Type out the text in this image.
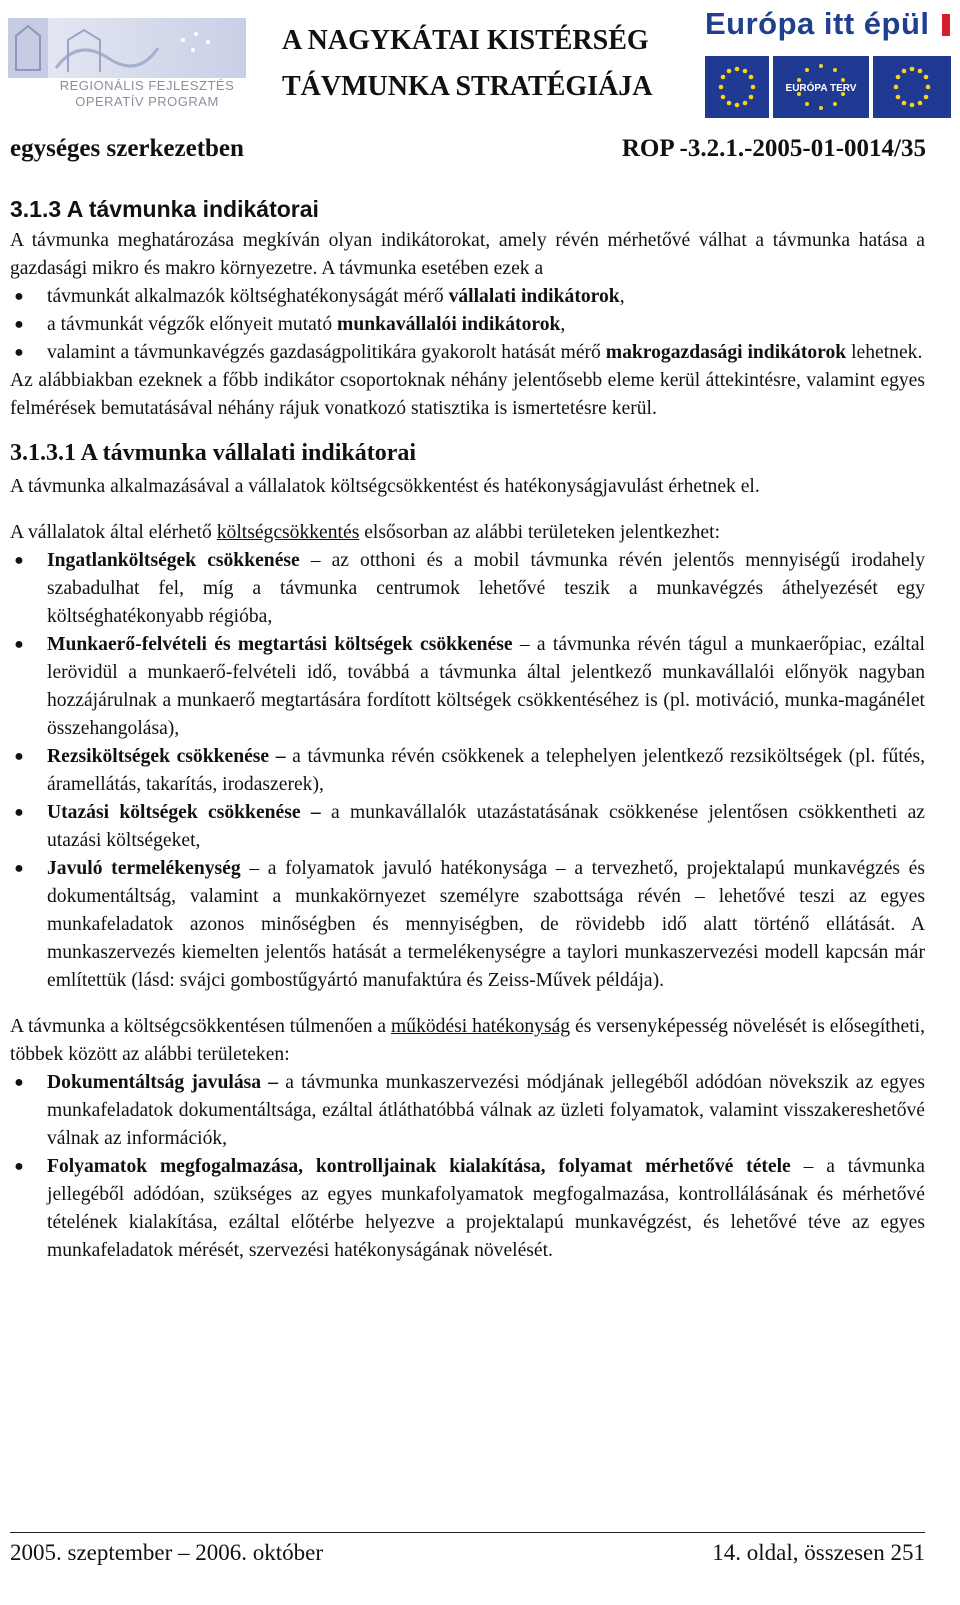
REGIONÁLIS FEJLESZTÉS
OPERATÍV PROGRAM
A NAGYKÁTAI KISTÉRSÉG
TÁVMUNKA STRATÉGIÁJA
Európa itt épül
EURÓPA TERV
egységes szerkezetben	ROP -3.2.1.-2005-01-0014/35
3.1.3 A távmunka indikátorai

A távmunka meghatározása megkíván olyan indikátorokat, amely révén mérhetővé válhat a távmunka hatása a gazdasági mikro és makro környezetre. A távmunka esetében ezek a

● távmunkát alkalmazók költséghatékonyságát mérő vállalati indikátorok,
● a távmunkát végzők előnyeit mutató munkavállalói indikátorok,
● valamint a távmunkavégzés gazdaságpolitikára gyakorolt hatását mérő makrogazdasági indikátorok lehetnek.

Az alábbiakban ezeknek a főbb indikátor csoportoknak néhány jelentősebb eleme kerül áttekintésre, valamint egyes felmérések bemutatásával néhány rájuk vonatkozó statisztika is ismertetésre kerül.

3.1.3.1 A távmunka vállalati indikátorai

A távmunka alkalmazásával a vállalatok költségcsökkentést és hatékonyságjavulást érhetnek el.

A vállalatok által elérhető költségcsökkentés elsősorban az alábbi területeken jelentkezhet:

● Ingatlanköltségek csökkenése – az otthoni és a mobil távmunka révén jelentős mennyiségű irodahely szabadulhat fel, míg a távmunka centrumok lehetővé teszik a munkavégzés áthelyezését egy költséghatékonyabb régióba,
● Munkaerő-felvételi és megtartási költségek csökkenése – a távmunka révén tágul a munkaerőpiac, ezáltal lerövidül a munkaerő-felvételi idő, továbbá a távmunka által jelentkező munkavállalói előnyök nagyban hozzájárulnak a munkaerő megtartására fordított költségek csökkentéséhez is (pl. motiváció, munka-magánélet összehangolása),
● Rezsiköltségek csökkenése – a távmunka révén csökkenek a telephelyen jelentkező rezsiköltségek (pl. fűtés, áramellátás, takarítás, irodaszerek),
● Utazási költségek csökkenése – a munkavállalók utazástatásának csökkenése jelentősen csökkentheti az utazási költségeket,
● Javuló termelékenység – a folyamatok javuló hatékonysága – a tervezhető, projektalapú munkavégzés és dokumentáltság, valamint a munkakörnyezet személyre szabottsága révén – lehetővé teszi az egyes munkafeladatok azonos minőségben és mennyiségben, de rövidebb idő alatt történő ellátását. A munkaszervezés kiemelten jelentős hatását a termelékenységre a taylori munkaszervezési modell kapcsán már említettük (lásd: svájci gombostűgyártó manufaktúra és Zeiss-Művek példája).

A távmunka a költségcsökkentésen túlmenően a működési hatékonyság és versenyképesség növelését is elősegítheti, többek között az alábbi területeken:

● Dokumentáltság javulása – a távmunka munkaszervezési módjának jellegéből adódóan növekszik az egyes munkafeladatok dokumentáltsága, ezáltal átláthatóbbá válnak az üzleti folyamatok, valamint visszakereshetővé válnak az információk,
● Folyamatok megfogalmazása, kontrolljainak kialakítása, folyamat mérhetővé tétele – a távmunka jellegéből adódóan, szükséges az egyes munkafolyamatok megfogalmazása, kontrollálásának és mérhetővé tételének kialakítása, ezáltal előtérbe helyezve a projektalapú munkavégzést, és lehetővé téve az egyes munkafeladatok mérését, szervezési hatékonyságának növelését.
2005. szeptember – 2006. október	14. oldal, összesen 251
